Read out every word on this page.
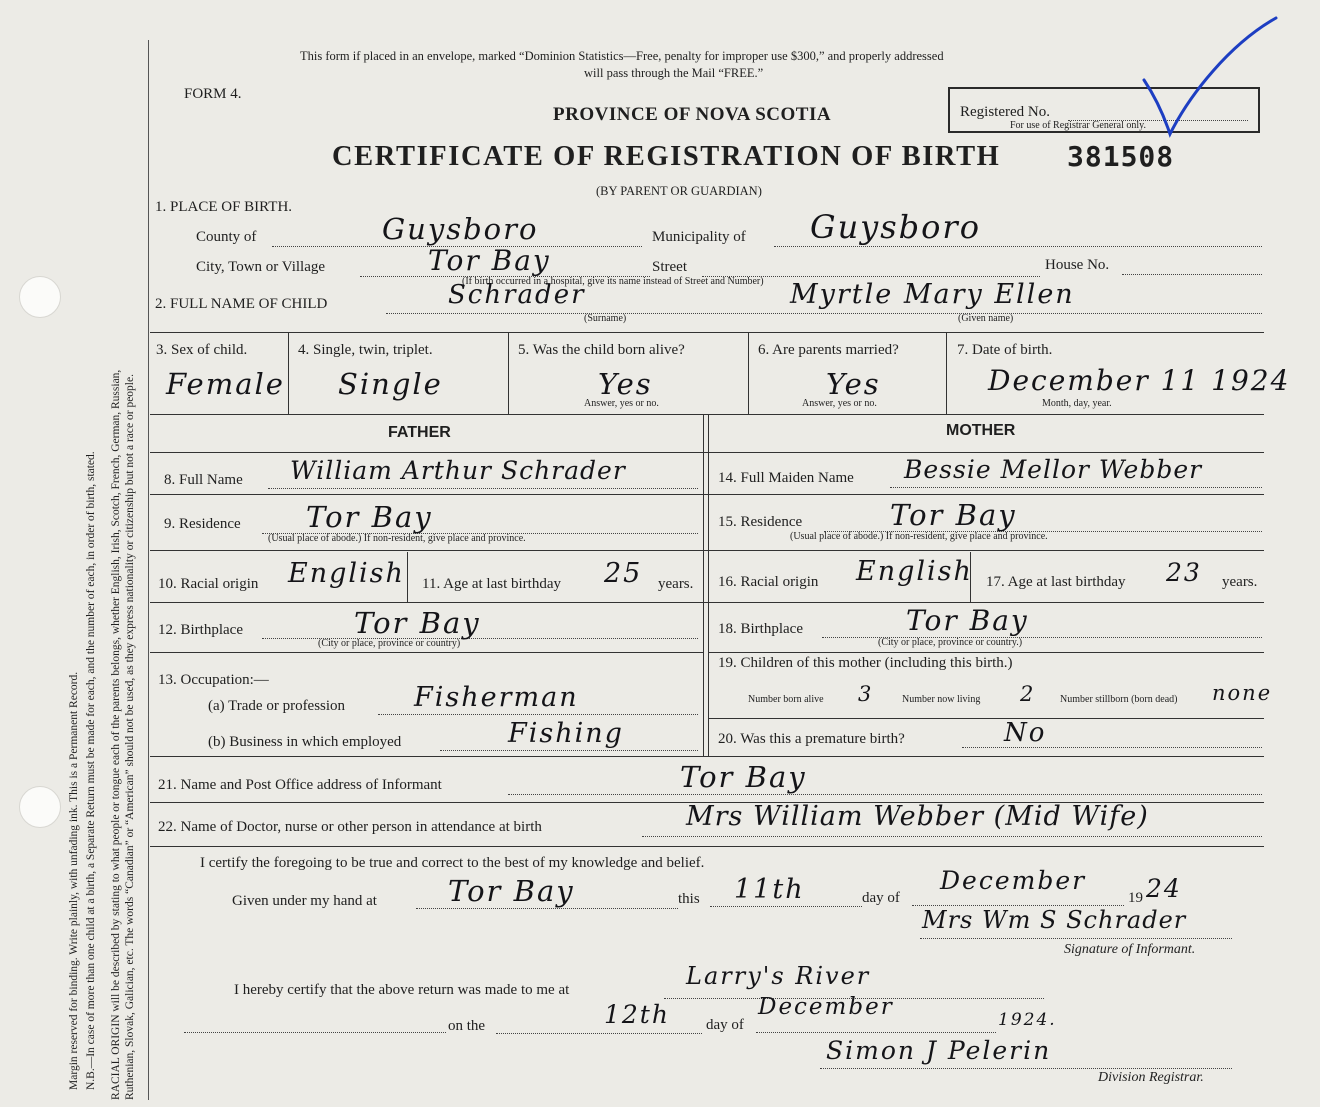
Margin reserved for binding. Write plainly, with unfading ink. This is a Permanent Record. N.B.—In case of more than one child at a birth, a Separate Return must be made for each, and the number of each, in order of birth, stated. RACIAL ORIGIN will be described by stating to what people or tongue each of the parents belongs, whether English, Irish, Scotch, French, German, Russian, Ruthenian, Slovak, Galician, etc. The words “Canadian” or “American” should not be used, as they express nationality or citizenship but not a race or people.
This form if placed in an envelope, marked “Dominion Statistics—Free, penalty for improper use $300,” and properly addressed
will pass through the Mail “FREE.”
FORM 4.
PROVINCE OF NOVA SCOTIA	Registered No.
For use of Registrar General only.
CERTIFICATE OF REGISTRATION OF BIRTH 381508
(BY PARENT OR GUARDIAN)
1. PLACE OF BIRTH.
County of	Guysboro	Municipality of Guysboro
City, Town or Village	Tor Bay	Street	House No.
(If birth occurred in a hospital, give its name instead of Street and Number)
2. FULL NAME OF CHILD	Schrader	Myrtle Mary Ellen
(Surname)	(Given name)
3. Sex of child.
Female
4. Single, twin, triplet.
Single
5. Was the child born alive?
Yes
Answer, yes or no.
6. Are parents married?
Yes
Answer, yes or no.
7. Date of birth.
December 11 1924
Month, day, year.
FATHER	MOTHER
8. Full Name William Arthur Schrader
9. Residence Tor Bay
(Usual place of abode.) If non-resident, give place and province.
10. Racial origin English 11. Age at last birthday 25 years.
12. Birthplace	Tor Bay
(City or place, province or country)
13. Occupation:—
(a) Trade or profession	Fisherman
(b) Business in which employed	Fishing
14. Full Maiden Name Bessie Mellor Webber
15. Residence	Tor Bay
(Usual place of abode.) If non-resident, give place and province.
16. Racial origin English 17. Age at last birthday 23 years.
18. Birthplace	Tor Bay
(City or place, province or country.)
19. Children of this mother (including this birth.)
Number born alive 3	Number now living 2 Number stillborn (born dead) none
20. Was this a premature birth?	No
21. Name and Post Office address of Informant	Tor Bay
22. Name of Doctor, nurse or other person in attendance at birth	Mrs William Webber (Mid Wife)
I certify the foregoing to be true and correct to the best of my knowledge and belief.
Given under my hand at Tor Bay	this 11th	day of
December
19 24
Mrs Wm S Schrader
Signature of Informant.
I hereby certify that the above return was made to me at	Larry's River
on the	12th day of
December	1924.
Simon J Pelerin
Division Registrar.
